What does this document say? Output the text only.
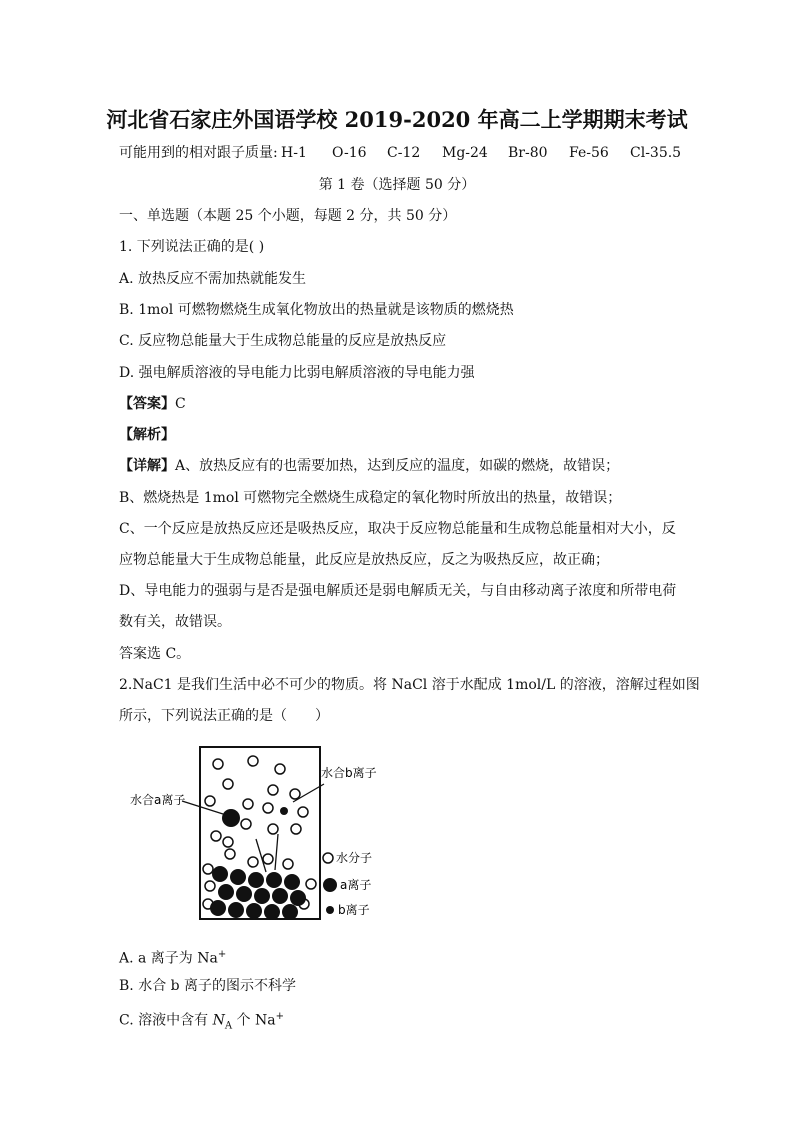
河北省石家庄外国语学校 2019-2020 年高二上学期期末考试
可能用到的相对跟子质量: H-1 O-16 C-12 Mg-24 Br-80 Fe-56 Cl-35.5
第 1 卷（选择题 50 分）
一、单选题（本题 25 个小题，每题 2 分，共 50 分）
1. 下列说法正确的是( )
A. 放热反应不需加热就能发生
B. 1mol 可燃物燃烧生成氧化物放出的热量就是该物质的燃烧热
C. 反应物总能量大于生成物总能量的反应是放热反应
D. 强电解质溶液的导电能力比弱电解质溶液的导电能力强
【答案】C
【解析】
【详解】A、放热反应有的也需要加热，达到反应的温度，如碳的燃烧，故错误；
B、燃烧热是 1mol 可燃物完全燃烧生成稳定的氧化物时所放出的热量，故错误；
C、一个反应是放热反应还是吸热反应，取决于反应物总能量和生成物总能量相对大小，反
应物总能量大于生成物总能量，此反应是放热反应，反之为吸热反应，故正确；
D、导电能力的强弱与是否是强电解质还是弱电解质无关，与自由移动离子浓度和所带电荷
数有关，故错误。
答案选 C。
2.NaC1 是我们生活中必不可少的物质。将 NaCl 溶于水配成 1mol/L 的溶液，溶解过程如图
所示，下列说法正确的是（　　）
水合a离子
水合b离子
水分子
a离子
b离子
A. a 离子为 Na+
B. 水合 b 离子的图示不科学
C. 溶液中含有 $N_A$ 个 Na+
